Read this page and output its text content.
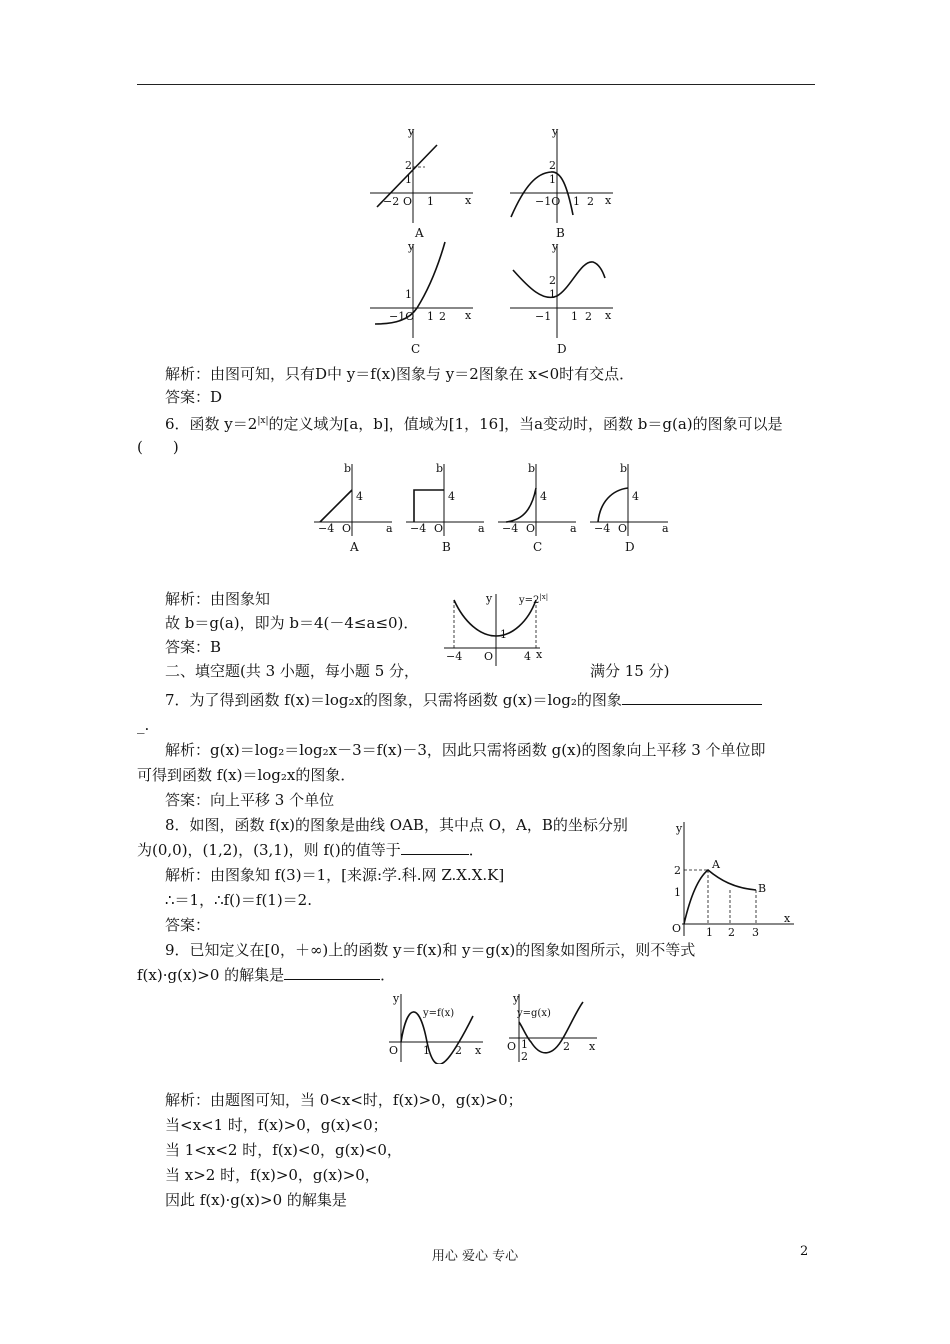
y
x
2
1
−2 O 1
A
y
x
2
1
−1O 1 2
B
y
x
1
−1O 1 2
C
y
x
2
1
−1 1 2
D
解析：由图可知，只有D中 y＝f(x)图象与 y＝2图象在 x<0时有交点．
答案：D
6．函数 $y=2^{|x|}$的定义域为[a，b]，值域为[1，16]，当a变动时，函数 b＝g(a)的图象可以是
(　　)
b
a
4
−4 O
b
a
4
−4 O
b
a
4
−4 O
b
a
4
−4 O
A	B	C	D
解析：由图象知
故 b＝g(a)，即为 b＝4(－4≤a≤0)．
答案：B	x
y	$y=2^{|x|}$
−4 O	4
1
二、填空题(共 3 小题，每小题 5 分，	满分 15 分)
7．为了得到函数 f(x)＝log₂x的图象，只需将函数 g(x)＝log₂的图象
_.
解析：g(x)＝log₂＝log₂x－3＝f(x)－3，因此只需将函数 g(x)的图象向上平移 3 个单位即
可得到函数 f(x)＝log₂x的图象．
答案：向上平移 3 个单位
8．如图，函数 f(x)的图象是曲线 OAB，其中点 O，A，B的坐标分别
为(0,0)，(1,2)，(3,1)，则 f()的值等于	．
解析：由图象知 f(3)＝1，[来源:学.科.网 Z.X.X.K]
∴＝1，∴f()＝f(1)＝2.
答案：
y
x
2
1
O 1 2 3
A
B
9．已知定义在[0，＋∞)上的函数 y＝f(x)和 y＝g(x)的图象如图所示，则不等式
f(x)·g(x)>0 的解集是	．
y
x
O 1 2
y=f(x)
y
x
O 1
2
2
y=g(x)
解析：由题图可知，当 0<x<时，f(x)>0，g(x)>0；
当<x<1 时，f(x)>0，g(x)<0；
当 1<x<2 时，f(x)<0，g(x)<0，
当 x>2 时，f(x)>0，g(x)>0，
因此 f(x)·g(x)>0 的解集是
用心 爱心 专心	2
